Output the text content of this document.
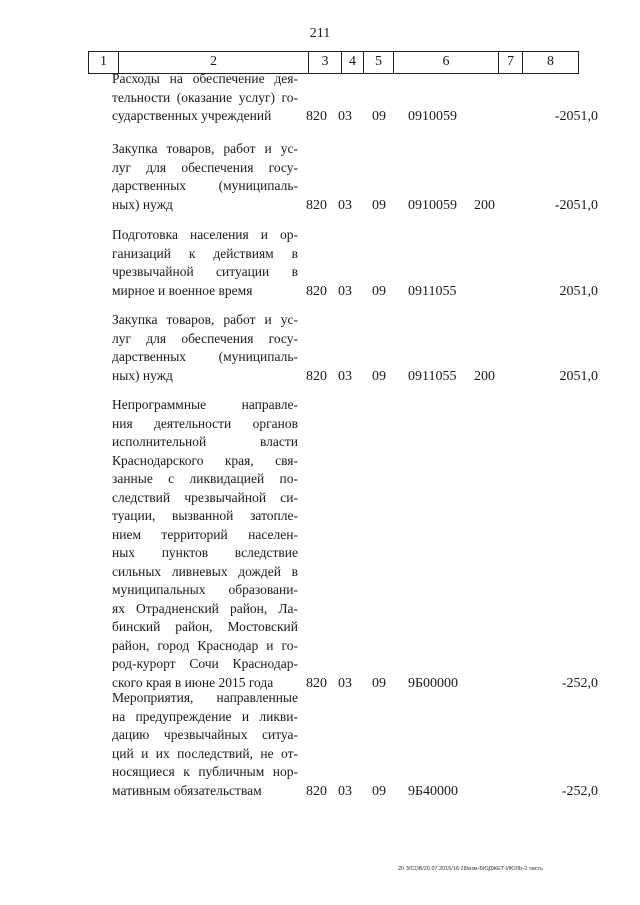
211
1	2	3	4	5	6	7	8
Расходы на обеспечение дея-
тельности (оказание услуг) го-
сударственных учреждений	820 03 09 0910059	-2051,0
Закупка товаров, работ и ус-
луг для обеспечения госу-
дарственных (муниципаль-
ных) нужд	820 03 09 0910059 200	-2051,0
Подготовка населения и ор-
ганизаций к действиям в
чрезвычайной ситуации в
мирное и военное время	820 03 09 0911055	2051,0
Закупка товаров, работ и ус-
луг для обеспечения госу-
дарственных (муниципаль-
ных) нужд	820 03 09 0911055 200	2051,0
Непрограммные направле-
ния деятельности органов
исполнительной власти
Краснодарского края, свя-
занные с ликвидацией по-
следствий чрезвычайной си-
туации, вызванной затопле-
нием территорий населен-
ных пунктов вследствие
сильных ливневых дождей в
муниципальных образовани-
ях Отрадненский район, Ла-
бинский район, Мостовский
район, город Краснодар и го-
род-курорт Сочи Краснодар-
ского края в июне 2015 года	820 03 09 9Б00000	-252,0
Мероприятия, направленные
на предупреждение и ликви-
дацию чрезвычайных ситуа-
ций и их последствий, не от-
носящиеся к публичным нор-
мативным обязательствам	820 03 09 9Б40000	-252,0
20 З/СОВ/20.07.2015/16:28/изм-БЮДЖЕТ-ИЮЛЬ-2 часть
